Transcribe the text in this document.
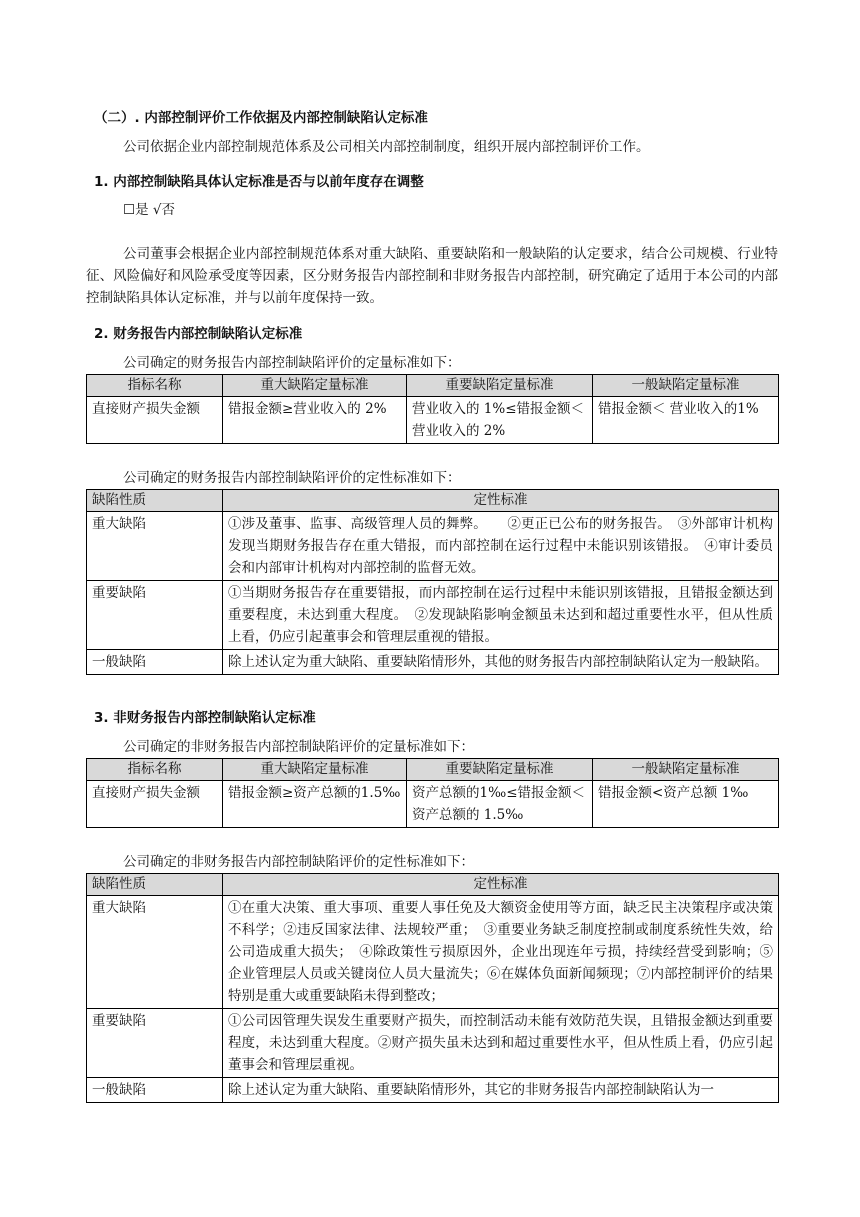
（二）. 内部控制评价工作依据及内部控制缺陷认定标准
公司依据企业内部控制规范体系及公司相关内部控制制度，组织开展内部控制评价工作。
1. 内部控制缺陷具体认定标准是否与以前年度存在调整
☐是 √否
公司董事会根据企业内部控制规范体系对重大缺陷、重要缺陷和一般缺陷的认定要求，结合公司规模、行业特征、风险偏好和风险承受度等因素，区分财务报告内部控制和非财务报告内部控制，研究确定了适用于本公司的内部控制缺陷具体认定标准，并与以前年度保持一致。
2. 财务报告内部控制缺陷认定标准
公司确定的财务报告内部控制缺陷评价的定量标准如下：
指标名称	重大缺陷定量标准	重要缺陷定量标准	一般缺陷定量标准
直接财产损失金额	错报金额≥营业收入的 2%	营业收入的 1%≤错报金额＜营业收入的 2%	错报金额＜ 营业收入的1%
公司确定的财务报告内部控制缺陷评价的定性标准如下：
缺陷性质	定性标准
重大缺陷	①涉及董事、监事、高级管理人员的舞弊。　　②更正已公布的财务报告。　③外部审计机构发现当期财务报告存在重大错报，而内部控制在运行过程中未能识别该错报。　④审计委员会和内部审计机构对内部控制的监督无效。
重要缺陷	①当期财务报告存在重要错报，而内部控制在运行过程中未能识别该错报，且错报金额达到重要程度，未达到重大程度。　②发现缺陷影响金额虽未达到和超过重要性水平，但从性质上看，仍应引起董事会和管理层重视的错报。
一般缺陷	除上述认定为重大缺陷、重要缺陷情形外，其他的财务报告内部控制缺陷认定为一般缺陷。
3. 非财务报告内部控制缺陷认定标准
公司确定的非财务报告内部控制缺陷评价的定量标准如下：
指标名称	重大缺陷定量标准	重要缺陷定量标准	一般缺陷定量标准
直接财产损失金额	错报金额≥资产总额的1.5‰	资产总额的1‰≤错报金额＜资产总额的 1.5‰	错报金额<资产总额 1‰
公司确定的非财务报告内部控制缺陷评价的定性标准如下：
缺陷性质	定性标准
重大缺陷	①在重大决策、重大事项、重要人事任免及大额资金使用等方面，缺乏民主决策程序或决策不科学；②违反国家法律、法规较严重；　③重要业务缺乏制度控制或制度系统性失效，给公司造成重大损失；　④除政策性亏损原因外，企业出现连年亏损，持续经营受到影响；⑤企业管理层人员或关键岗位人员大量流失；⑥在媒体负面新闻频现；⑦内部控制评价的结果特别是重大或重要缺陷未得到整改；
重要缺陷	①公司因管理失误发生重要财产损失，而控制活动未能有效防范失误，且错报金额达到重要程度，未达到重大程度。②财产损失虽未达到和超过重要性水平，但从性质上看，仍应引起董事会和管理层重视。
一般缺陷	除上述认定为重大缺陷、重要缺陷情形外，其它的非财务报告内部控制缺陷认为一
